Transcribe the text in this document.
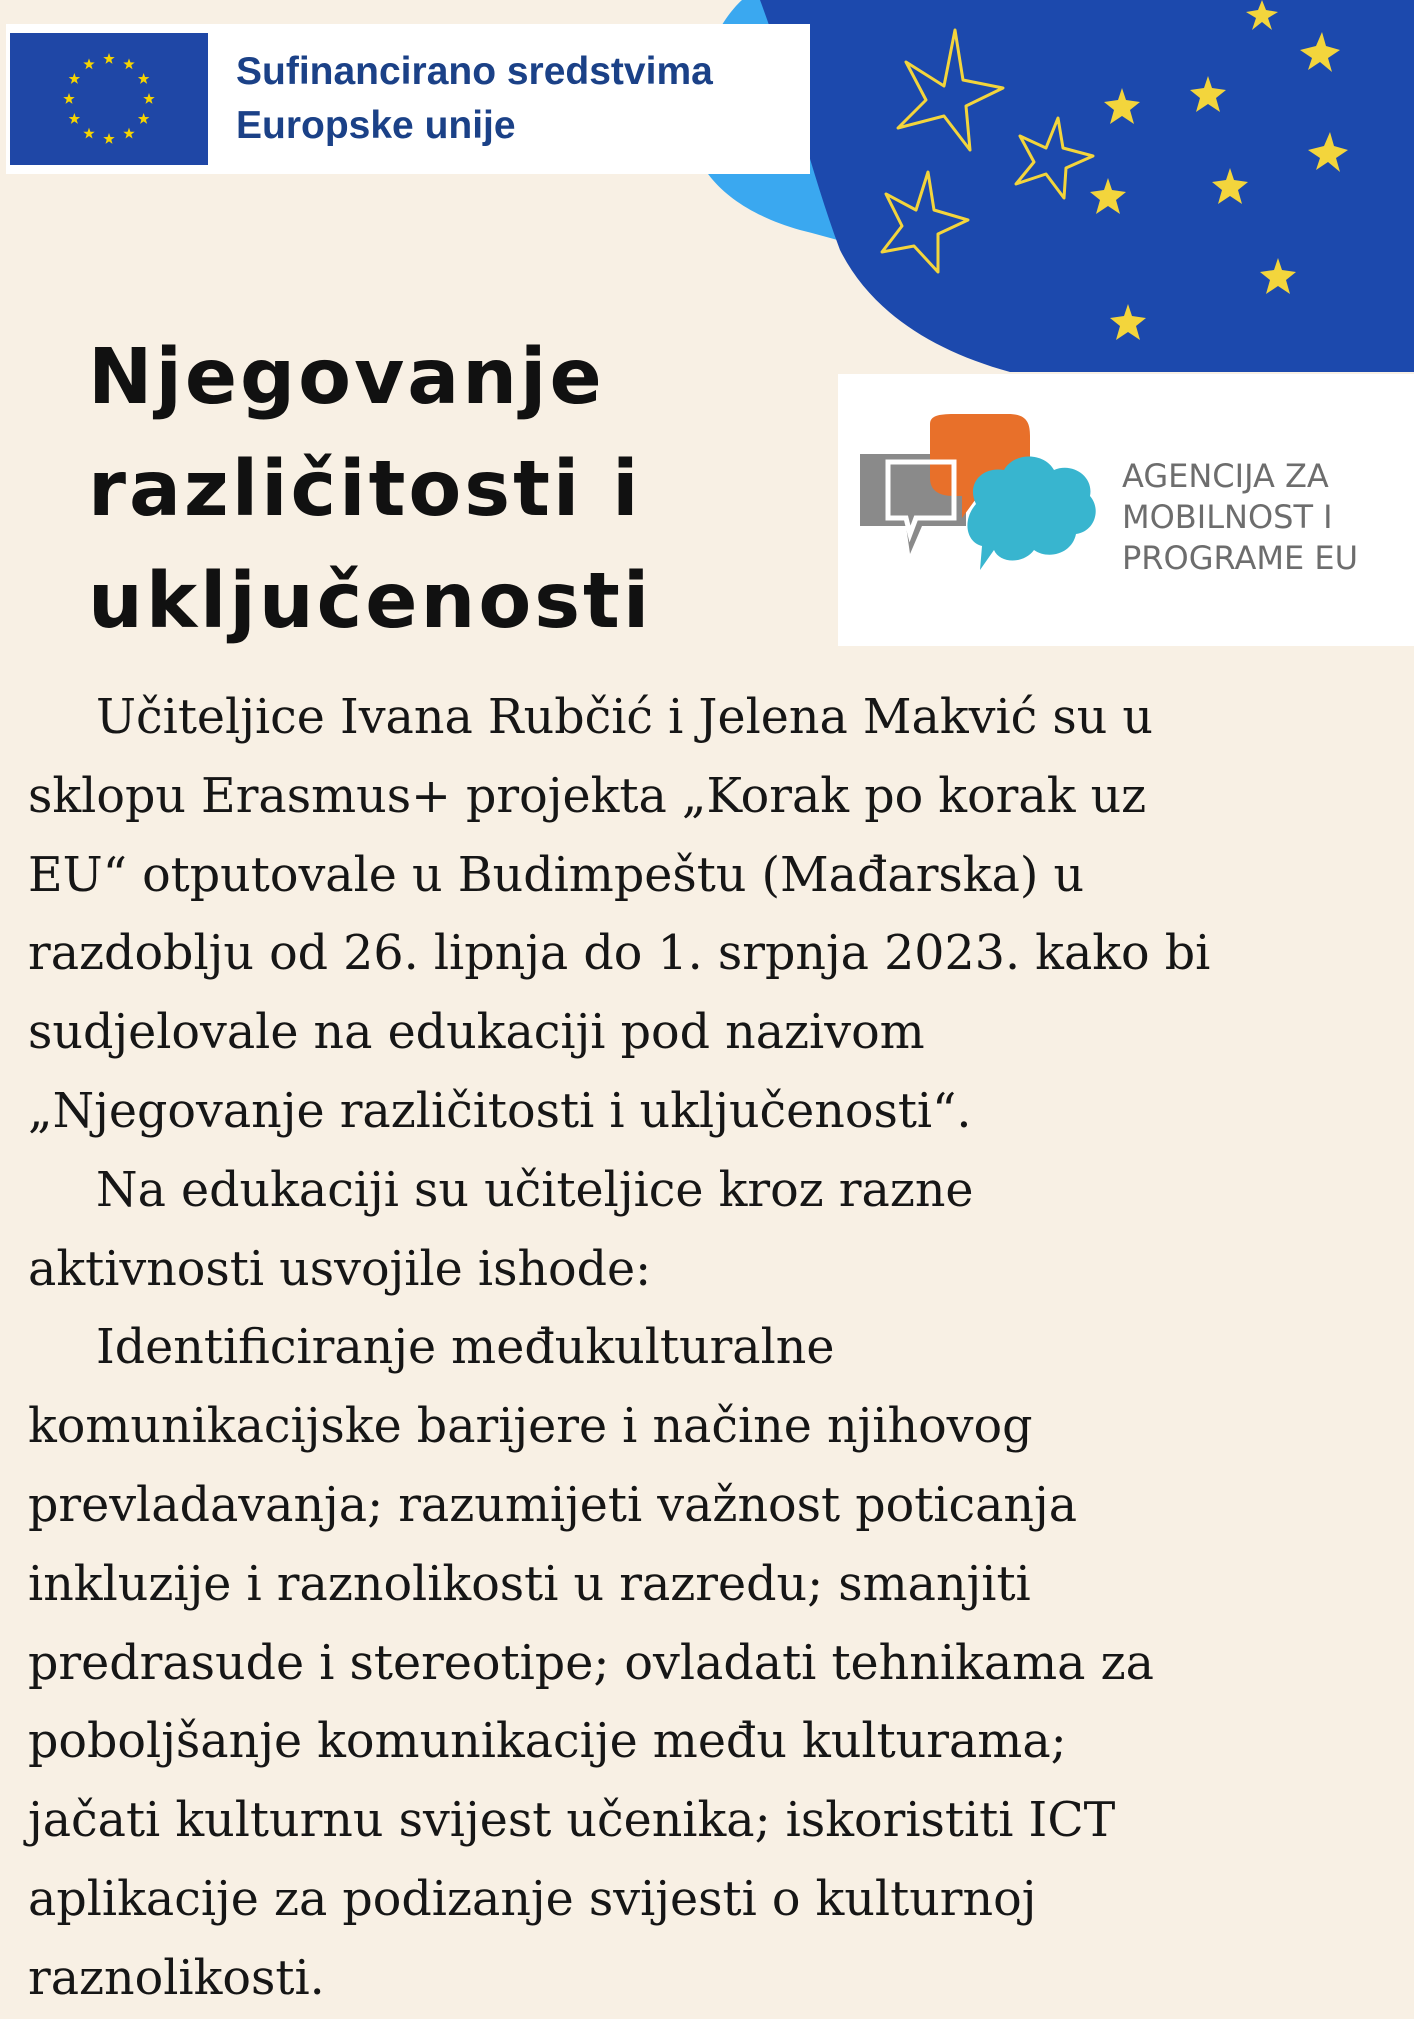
Sufinancirano sredstvima
Europske unije
Njegovanje
različitosti i
uključenosti
AGENCIJA ZA
MOBILNOST I
PROGRAME EU
Učiteljice Ivana Rubčić i Jelena Makvić su u
sklopu Erasmus+ projekta „Korak po korak uz
EU“ otputovale u Budimpeštu (Mađarska) u
razdoblju od 26. lipnja do 1. srpnja 2023. kako bi
sudjelovale na edukaciji pod nazivom
„Njegovanje različitosti i uključenosti“.
Na edukaciji su učiteljice kroz razne
aktivnosti usvojile ishode:
Identificiranje međukulturalne
komunikacijske barijere i načine njihovog
prevladavanja; razumijeti važnost poticanja
inkluzije i raznolikosti u razredu; smanjiti
predrasude i stereotipe; ovladati tehnikama za
poboljšanje komunikacije među kulturama;
jačati kulturnu svijest učenika; iskoristiti ICT
aplikacije za podizanje svijesti o kulturnoj
raznolikosti.
